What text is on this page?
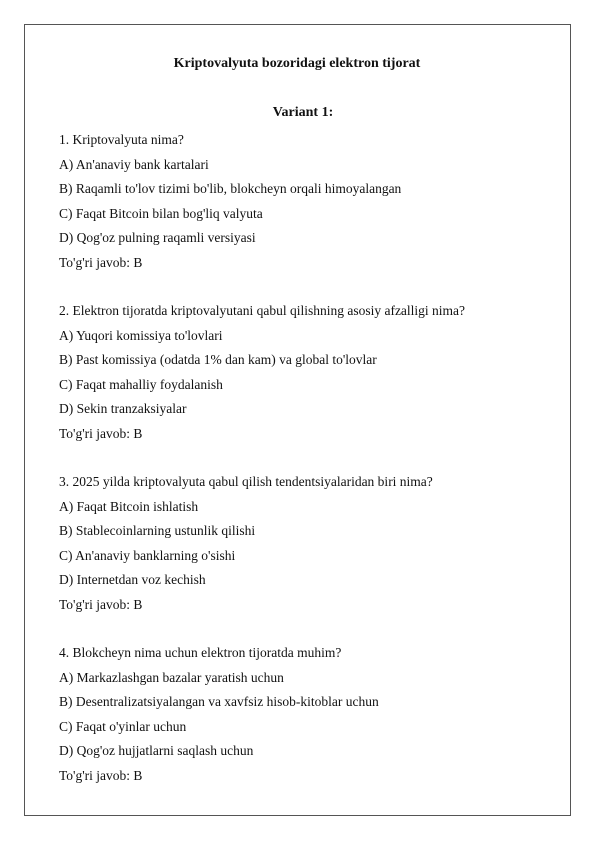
Kriptovalyuta bozoridagi elektron tijorat

Variant 1:

1. Kriptovalyuta nima?
A) An'anaviy bank kartalari
B) Raqamli to'lov tizimi bo'lib, blokcheyn orqali himoyalangan
C) Faqat Bitcoin bilan bog'liq valyuta
D) Qog'oz pulning raqamli versiyasi
To'g'ri javob: B
2. Elektron tijoratda kriptovalyutani qabul qilishning asosiy afzalligi nima?
A) Yuqori komissiya to'lovlari
B) Past komissiya (odatda 1% dan kam) va global to'lovlar
C) Faqat mahalliy foydalanish
D) Sekin tranzaksiyalar
To'g'ri javob: B
3. 2025 yilda kriptovalyuta qabul qilish tendentsiyalaridan biri nima?
A) Faqat Bitcoin ishlatish
B) Stablecoinlarning ustunlik qilishi
C) An'anaviy banklarning o'sishi
D) Internetdan voz kechish
To'g'ri javob: B
4. Blokcheyn nima uchun elektron tijoratda muhim?
A) Markazlashgan bazalar yaratish uchun
B) Desentralizatsiyalangan va xavfsiz hisob-kitoblar uchun
C) Faqat o'yinlar uchun
D) Qog'oz hujjatlarni saqlash uchun
To'g'ri javob: B
